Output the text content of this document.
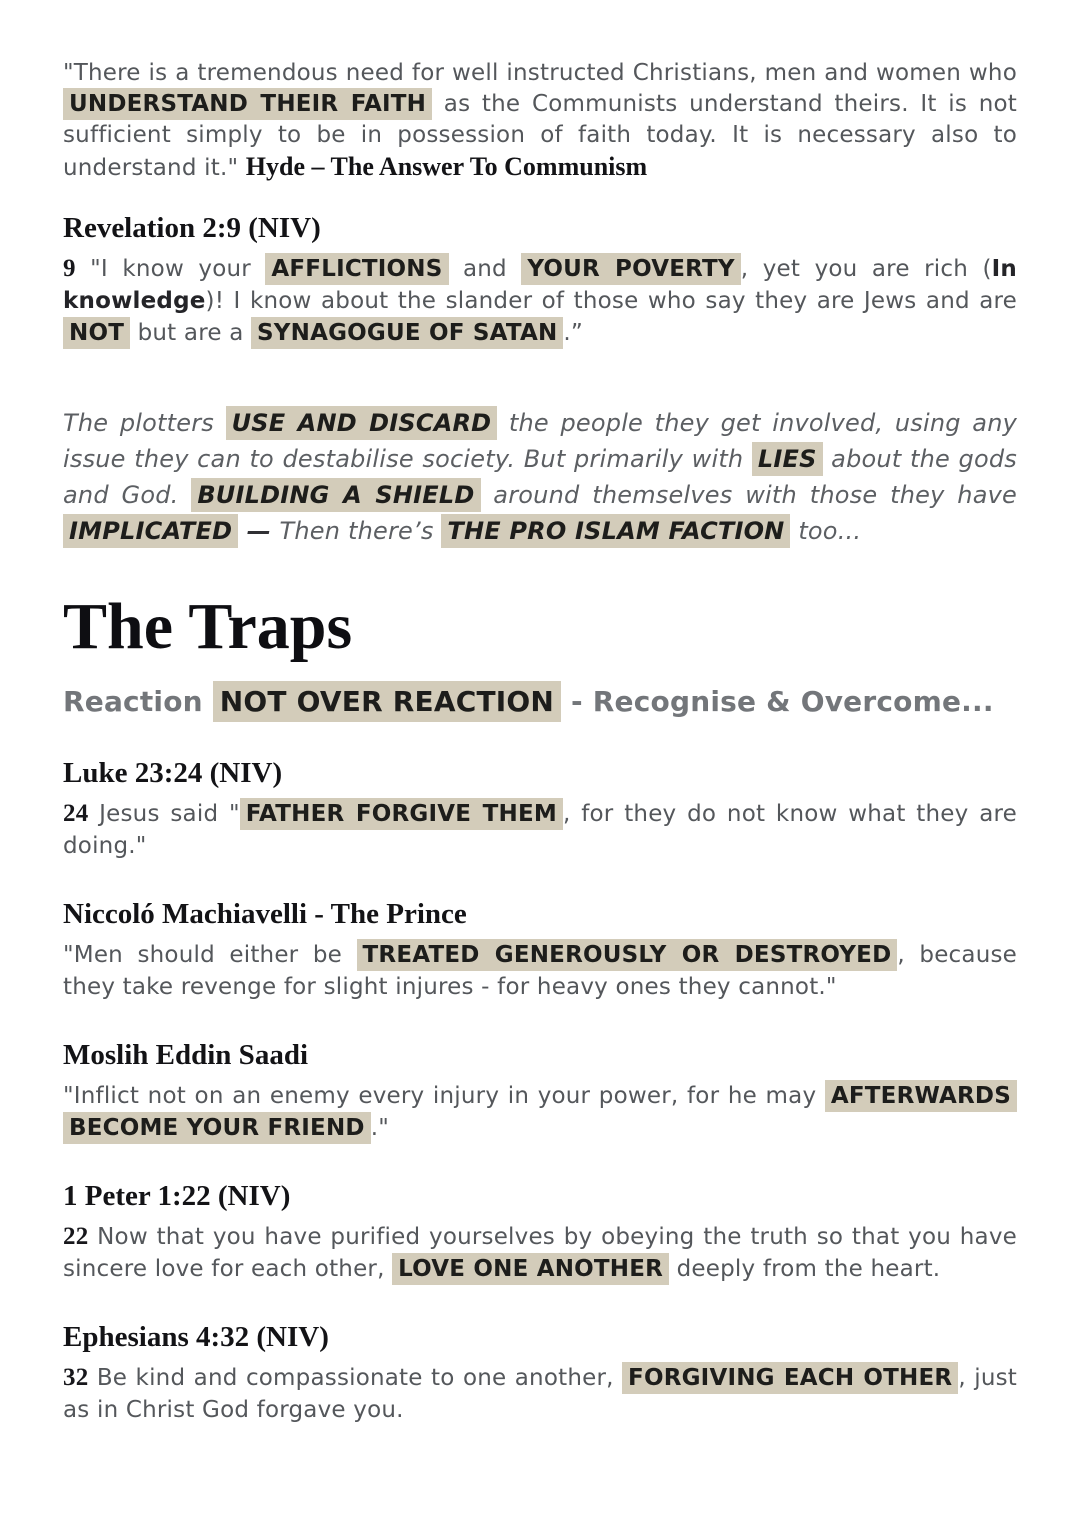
"There is a tremendous need for well instructed Christians, men and women who UNDERSTAND THEIR FAITH as the Communists understand theirs. It is not sufficient simply to be in possession of faith today. It is necessary also to understand it." Hyde – The Answer To Communism

Revelation 2:9 (NIV)

9 "I know your AFFLICTIONS and YOUR POVERTY , yet you are rich (In knowledge)! I know about the slander of those who say they are Jews and are NOT but are a SYNAGOGUE OF SATAN .”

The plotters USE AND DISCARD the people they get involved, using any issue they can to destabilise society. But primarily with LIES about the gods and God. BUILDING A SHIELD around themselves with those they have IMPLICATED — Then there’s THE PRO ISLAM FACTION too...

The Traps
Reaction NOT OVER REACTION - Recognise & Overcome...
Luke 23:24 (NIV)

24 Jesus said " FATHER FORGIVE THEM , for they do not know what they are doing."

Niccoló Machiavelli - The Prince

"Men should either be TREATED GENEROUSLY OR DESTROYED , because they take revenge for slight injures - for heavy ones they cannot."

Moslih Eddin Saadi

"Inflict not on an enemy every injury in your power, for he may AFTERWARDS BECOME YOUR FRIEND ."

1 Peter 1:22 (NIV)

22 Now that you have purified yourselves by obeying the truth so that you have sincere love for each other, LOVE ONE ANOTHER deeply from the heart.

Ephesians 4:32 (NIV)

32 Be kind and compassionate to one another, FORGIVING EACH OTHER , just as in Christ God forgave you.
